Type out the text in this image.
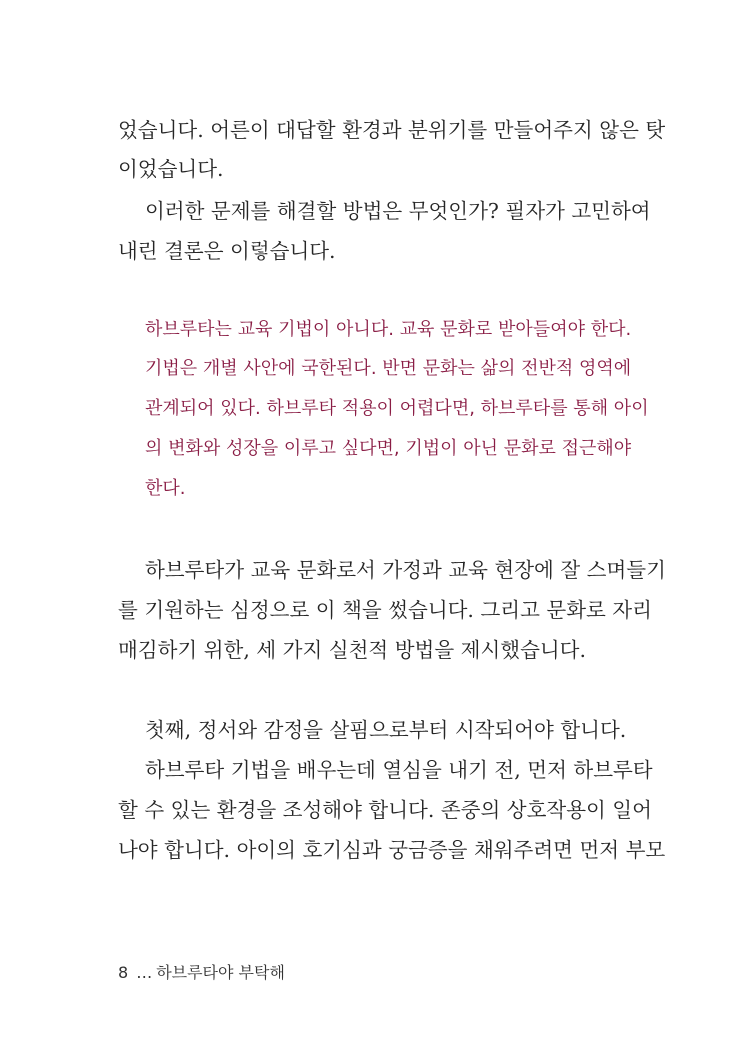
었습니다. 어른이 대답할 환경과 분위기를 만들어주지 않은 탓
이었습니다.
이러한 문제를 해결할 방법은 무엇인가? 필자가 고민하여
내린 결론은 이렇습니다.
하브루타는 교육 기법이 아니다. 교육 문화로 받아들여야 한다.
기법은 개별 사안에 국한된다. 반면 문화는 삶의 전반적 영역에
관계되어 있다. 하브루타 적용이 어렵다면, 하브루타를 통해 아이
의 변화와 성장을 이루고 싶다면, 기법이 아닌 문화로 접근해야
한다.
하브루타가 교육 문화로서 가정과 교육 현장에 잘 스며들기
를 기원하는 심정으로 이 책을 썼습니다. 그리고 문화로 자리
매김하기 위한, 세 가지 실천적 방법을 제시했습니다.
첫째, 정서와 감정을 살핌으로부터 시작되어야 합니다.
하브루타 기법을 배우는데 열심을 내기 전, 먼저 하브루타
할 수 있는 환경을 조성해야 합니다. 존중의 상호작용이 일어
나야 합니다. 아이의 호기심과 궁금증을 채워주려면 먼저 부모
8 … 하브루타야 부탁해
